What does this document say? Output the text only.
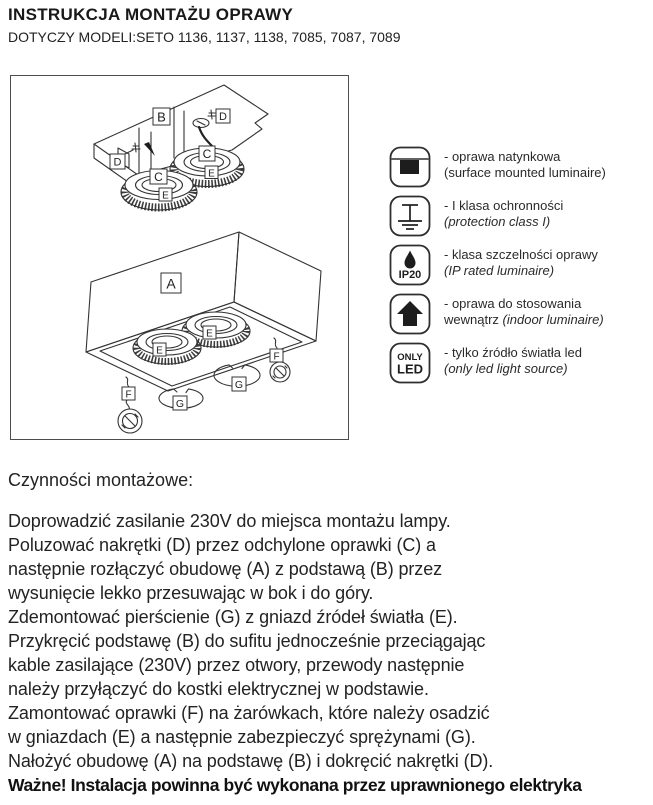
INSTRUKCJA MONTAŻU OPRAWY
DOTYCZY MODELI:SETO 1136, 1137, 1138, 7085, 7087, 7089
B	D
D
C
C	E
E
A
E
E
G
G
F
F
- oprawa natynkowa
(surface mounted luminaire)
- I klasa ochronności
(protection class I)
IP20
- klasa szczelności oprawy
(IP rated luminaire)
- oprawa do stosowania
wewnątrz (indoor luminaire)
ONLY
LED
- tylko źródło światła led
(only led light source)
Czynności montażowe:
Doprowadzić zasilanie 230V do miejsca montażu lampy.
Poluzować nakrętki (D) przez odchylone oprawki (C) a
następnie rozłączyć obudowę (A) z podstawą (B) przez
wysunięcie lekko przesuwając w bok i do góry.
Zdemontować pierścienie (G) z gniazd źródeł światła (E).
Przykręcić podstawę (B) do sufitu jednocześnie przeciągając
kable zasilające (230V) przez otwory, przewody następnie
należy przyłączyć do kostki elektrycznej w podstawie.
Zamontować oprawki (F) na żarówkach, które należy osadzić
w gniazdach (E) a następnie zabezpieczyć sprężynami (G).
Nałożyć obudowę (A) na podstawę (B) i dokręcić nakrętki (D).
Ważne! Instalacja powinna być wykonana przez uprawnionego elektryka
